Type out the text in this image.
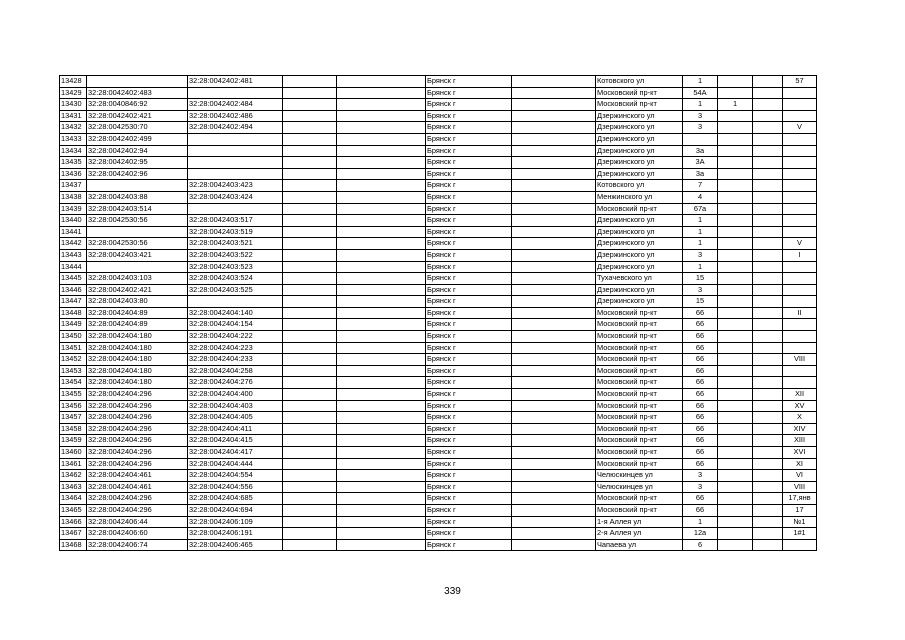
13428		32:28:0042402:481			Брянск г		Котовского ул	1			57
13429	32:28:0042402:483				Брянск г		Московский пр-кт	54А			
13430	32:28:0040846:92	32:28:0042402:484			Брянск г		Московский пр-кт	1	1		
13431	32:28:0042402:421	32:28:0042402:486			Брянск г		Дзержинского ул	3			
13432	32:28:0042530:70	32:28:0042402:494			Брянск г		Дзержинского ул	3			V
13433	32:28:0042402:499				Брянск г		Дзержинского ул				
13434	32:28:0042402:94				Брянск г		Дзержинского ул	3а			
13435	32:28:0042402:95				Брянск г		Дзержинского ул	3А			
13436	32:28:0042402:96				Брянск г		Дзержинского ул	3а			
13437		32:28:0042403:423			Брянск г		Котовского ул	7			
13438	32:28:0042403:88	32:28:0042403:424			Брянск г		Менжинского ул	4			
13439	32:28:0042403:514				Брянск г		Московский пр-кт	67а			
13440	32:28:0042530:56	32:28:0042403:517			Брянск г		Дзержинского ул	1			
13441		32:28:0042403:519			Брянск г		Дзержинского ул	1			
13442	32:28:0042530:56	32:28:0042403:521			Брянск г		Дзержинского ул	1			V
13443	32:28:0042403:421	32:28:0042403:522			Брянск г		Дзержинского ул	3			I
13444		32:28:0042403:523			Брянск г		Дзержинского ул	1			
13445	32:28:0042403:103	32:28:0042403:524			Брянск г		Тухачевского ул	15			
13446	32:28:0042402:421	32:28:0042403:525			Брянск г		Дзержинского ул	3			
13447	32:28:0042403:80				Брянск г		Дзержинского ул	15			
13448	32:28:0042404:89	32:28:0042404:140			Брянск г		Московский пр-кт	66			II
13449	32:28:0042404:89	32:28:0042404:154			Брянск г		Московский пр-кт	66			
13450	32:28:0042404:180	32:28:0042404:222			Брянск г		Московский пр-кт	66			
13451	32:28:0042404:180	32:28:0042404:223			Брянск г		Московский пр-кт	66			
13452	32:28:0042404:180	32:28:0042404:233			Брянск г		Московский пр-кт	66			VIII
13453	32:28:0042404:180	32:28:0042404:258			Брянск г		Московский пр-кт	66			
13454	32:28:0042404:180	32:28:0042404:276			Брянск г		Московский пр-кт	66			
13455	32:28:0042404:296	32:28:0042404:400			Брянск г		Московский пр-кт	66			XII
13456	32:28:0042404:296	32:28:0042404:403			Брянск г		Московский пр-кт	66			XV
13457	32:28:0042404:296	32:28:0042404:405			Брянск г		Московский пр-кт	66			X
13458	32:28:0042404:296	32:28:0042404:411			Брянск г		Московский пр-кт	66			XIV
13459	32:28:0042404:296	32:28:0042404:415			Брянск г		Московский пр-кт	66			XIII
13460	32:28:0042404:296	32:28:0042404:417			Брянск г		Московский пр-кт	66			XVI
13461	32:28:0042404:296	32:28:0042404:444			Брянск г		Московский пр-кт	66			XI
13462	32:28:0042404:461	32:28:0042404:554			Брянск г		Челюскинцев ул	3			VI
13463	32:28:0042404:461	32:28:0042404:556			Брянск г		Челюскинцев ул	3			VIII
13464	32:28:0042404:296	32:28:0042404:685			Брянск г		Московский пр-кт	66			17,янв
13465	32:28:0042404:296	32:28:0042404:694			Брянск г		Московский пр-кт	66			17
13466	32:28:0042406:44	32:28:0042406:109			Брянск г		1-я Аллея ул	1			№1
13467	32:28:0042406:60	32:28:0042406:191			Брянск г		2-я Аллея ул	12а			1#1
13468	32:28:0042406:74	32:28:0042406:465			Брянск г		Чапаева ул	6			
339
